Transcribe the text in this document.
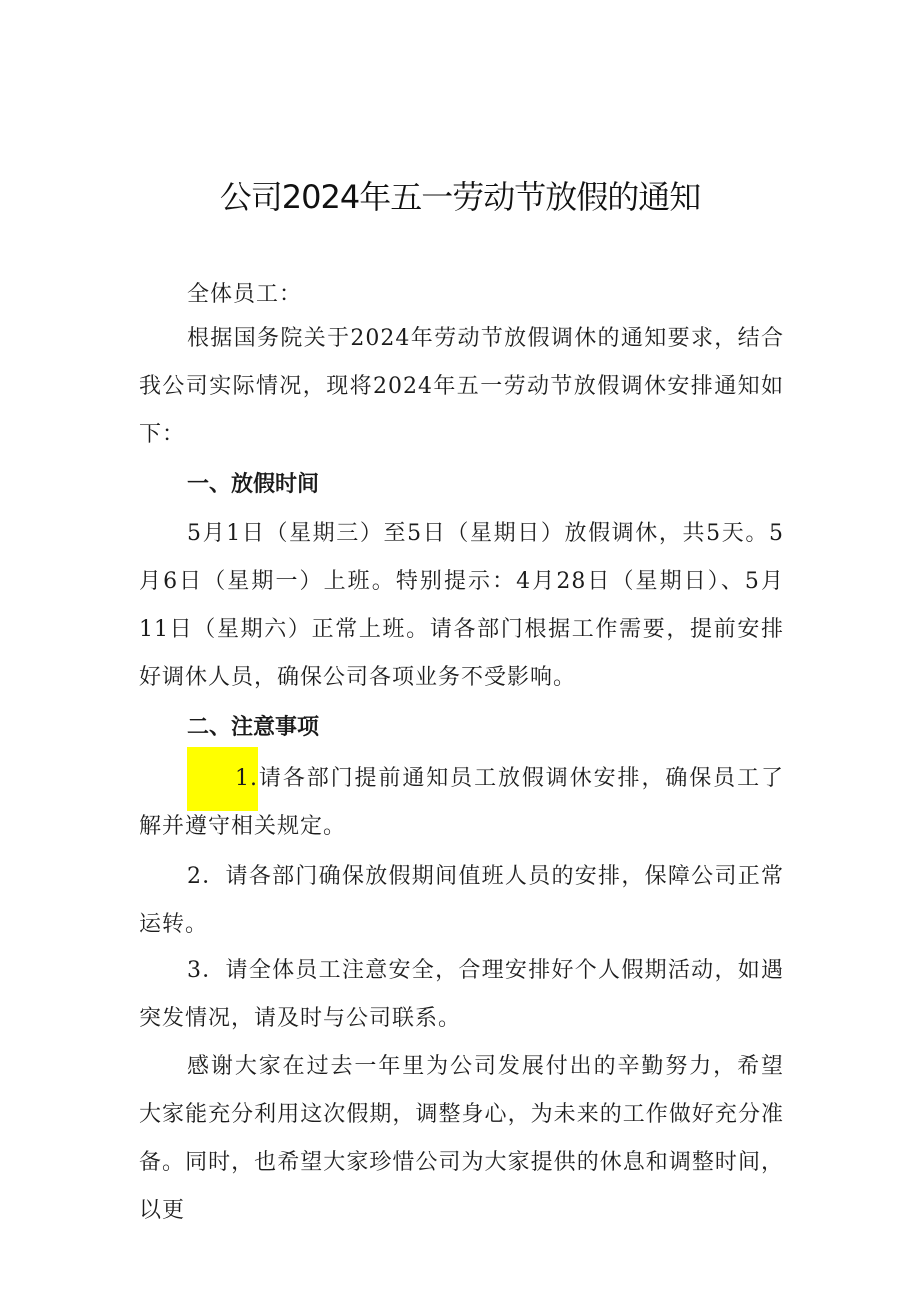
公司2024年五一劳动节放假的通知
全体员工：
根据国务院关于2024年劳动节放假调休的通知要求，结合我公司实际情况，现将2024年五一劳动节放假调休安排通知如下：
一、放假时间
5月1日（星期三）至5日（星期日）放假调休，共5天。5月6日（星期一）上班。特别提示：4月28日（星期日）、5月11日（星期六）正常上班。请各部门根据工作需要，提前安排好调休人员，确保公司各项业务不受影响。
二、注意事项
1.请各部门提前通知员工放假调休安排，确保员工了解并遵守相关规定。
2．请各部门确保放假期间值班人员的安排，保障公司正常运转。
3．请全体员工注意安全，合理安排好个人假期活动，如遇突发情况，请及时与公司联系。
感谢大家在过去一年里为公司发展付出的辛勤努力，希望大家能充分利用这次假期，调整身心，为未来的工作做好充分准备。同时，也希望大家珍惜公司为大家提供的休息和调整时间，以更
